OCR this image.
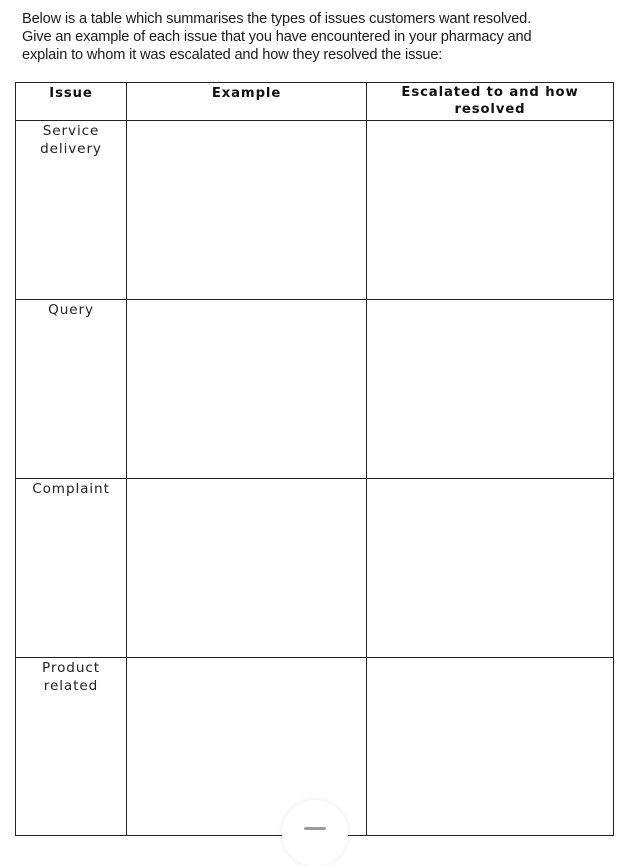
Below is a table which summarises the types of issues customers want resolved.
Give an example of each issue that you have encountered in your pharmacy and
explain to whom it was escalated and how they resolved the issue:
Issue	Example	Escalated to and how
resolved

Service
delivery		

Query		

Complaint		

Product
related		
